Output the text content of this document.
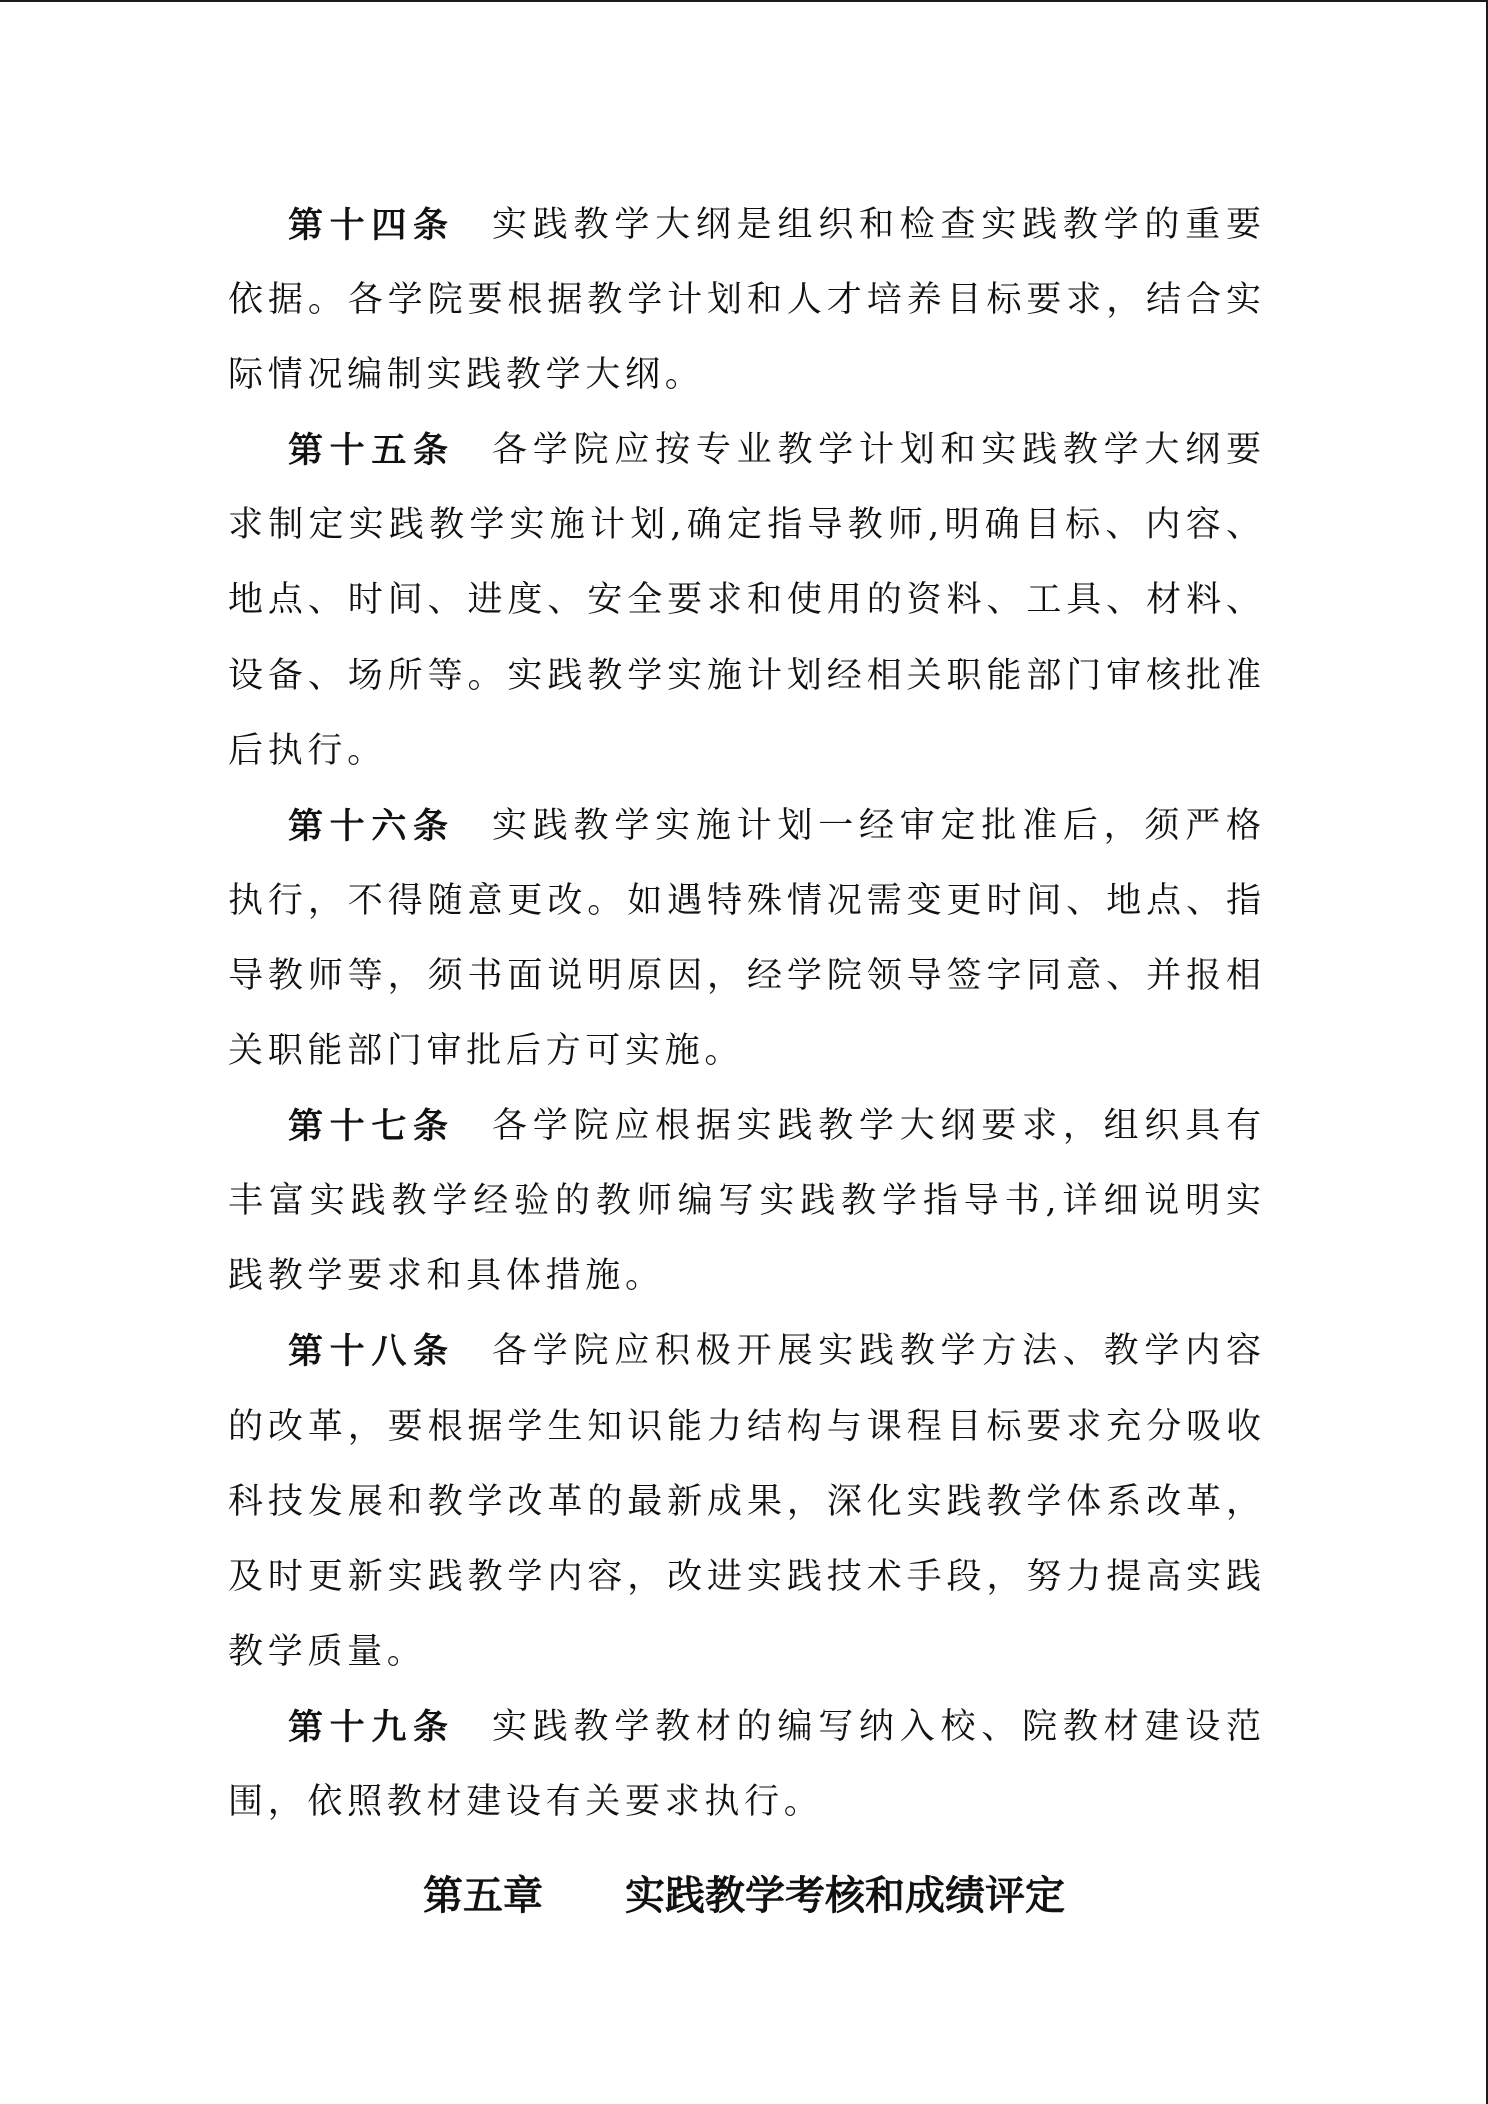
第十四条 实践教学大纲是组织和检查实践教学的重要
依据。各学院要根据教学计划和人才培养目标要求，结合实
际情况编制实践教学大纲。
第十五条 各学院应按专业教学计划和实践教学大纲要
求制定实践教学实施计划,确定指导教师,明确目标、内容、
地点、时间、进度、安全要求和使用的资料、工具、材料、
设备、场所等。实践教学实施计划经相关职能部门审核批准
后执行。
第十六条 实践教学实施计划一经审定批准后，须严格
执行，不得随意更改。如遇特殊情况需变更时间、地点、指
导教师等，须书面说明原因，经学院领导签字同意、并报相
关职能部门审批后方可实施。
第十七条 各学院应根据实践教学大纲要求，组织具有
丰富实践教学经验的教师编写实践教学指导书,详细说明实
践教学要求和具体措施。
第十八条 各学院应积极开展实践教学方法、教学内容
的改革，要根据学生知识能力结构与课程目标要求充分吸收
科技发展和教学改革的最新成果，深化实践教学体系改革，
及时更新实践教学内容，改进实践技术手段，努力提高实践
教学质量。
第十九条 实践教学教材的编写纳入校、院教材建设范
围，依照教材建设有关要求执行。
第五章 实践教学考核和成绩评定
